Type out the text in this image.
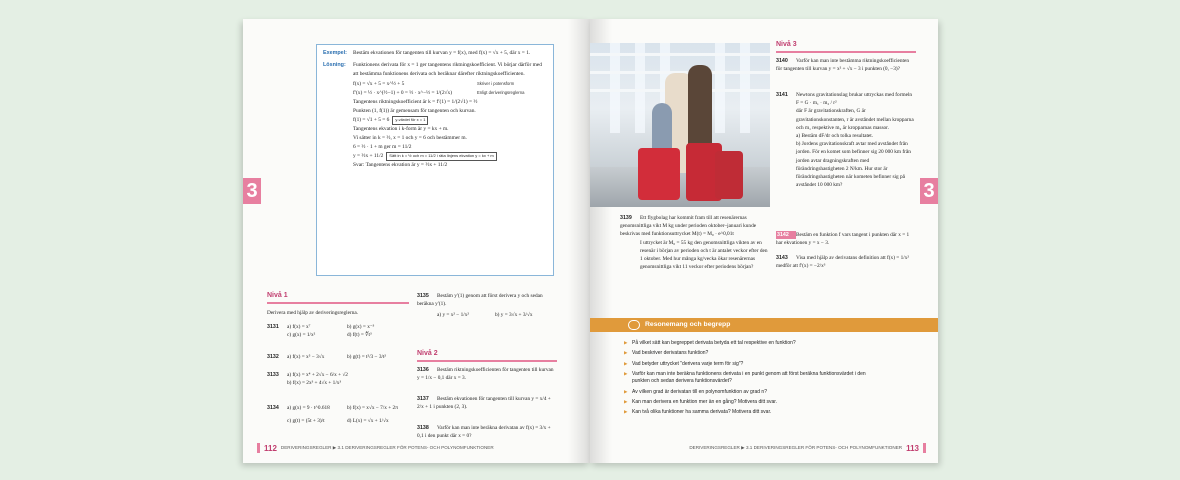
3
Exempel:	Bestäm ekvationen för tangenten till kurvan y = f(x), med f(x) = √x + 5, där x = 1.
Lösning:	Funktionens derivata för x = 1 ger tangentens riktningskoefficient. Vi börjar därför med att bestämma funktionens derivata och beräknar därefter riktningskoefficienten.
f(x) = √x + 5 = x^½ + 5	Skriver i potensform
f′(x) = ½ · x^(½−1) + 0 = ½ · x^−½ = 1/(2√x)	Enligt deriveringsreglerna
Tangentens riktningskoefficient är k = f′(1) = 1/(2√1) = ½
Punkten (1, f(1)) är gemensam för tangenten och kurvan.
f(1) = √1 + 5 = 6 y-värdet för x = 1
Tangentens ekvation i k-form är y = kx + m.
Vi sätter in k = ½, x = 1 och y = 6 och bestämmer m.
6 = ½ · 1 + m ger m = 11/2
y = ½x + 11/2 Sätt in k = ½ och m = 11/2 i räta linjens ekvation y = kx + m
Svar: Tangentens ekvation är y = ½x + 11/2
Nivå 1
Derivera med hjälp av deriveringsreglerna.
3131 a) f(x) = x⁷	b) g(x) = x⁻³
c) g(x) = 1/x²	d) f(t) = ∜t³
3132 a) f(x) = x⁵ − 3√x	b) g(t) = t²/3 − 3/t²
3133 a) f(x) = x⁴ + 2√x − 6/x + √2
b) f(x) = 2x³ + 4√x + 1/x³
3134 a) g(x) = 9 · t^0.618	b) f(x) = x√x − 7/x + 2π
c) g(t) = (5t + 3)/t	d) L(x) = √x + 1/√x
3135 Bestäm y′(1) genom att först derivera y och sedan beräkna y′(1).
a) y = x² − 1/x²	b) y = 3√x + 3/√x
Nivå 2
3136 Bestäm riktningskoefficienten för tangenten till kurvan y = 1/x − 0,1 där x = 3.
3137 Bestäm ekvationen för tangenten till kurvan y = x/4 + 2/x + 1 i punkten (2, 3).
3138 Varför kan man inte beräkna derivatan av f(x) = 3/x + 0,1 i den punkt där x = 0?
112 DERIVERINGSREGLER ▶ 3.1 DERIVERINGSREGLER FÖR POTENS- OCH POLYNOMFUNKTIONER
3
3139 Ett flygbolag har kommit fram till att resenärernas genomsnittliga vikt M kg under perioden oktober–januari kunde beskrivas med funktionsuttrycket M(t) = M₀ · e^0,01t
I uttrycket är M₀ = 55 kg den genomsnittliga vikten av en resenär i början av perioden och t är antalet veckor efter den 1 oktober. Med hur många kg/vecka ökar resenärernas genomsnittliga vikt 11 veckor efter periodens början?
Nivå 3
3140 Varför kan man inte bestämma riktningskoefficienten för tangenten till kurvan y = x² + √x − 3 i punkten (0, −3)?
3141 Newtons gravitationslag brukar uttryckas med formeln
F = G · m₁ · m₂ / r²
där F är gravitationskraften, G är gravitationskonstanten, r är avståndet mellan kropparna och m₁ respektive m₂ är kropparnas massor.
a) Bestäm dF/dr och tolka resultatet.
b) Jordens gravitationskraft avtar med avståndet från jorden. För en komet som befinner sig 20 000 km från jorden avtar dragningskraften med förändringshastigheten 2 N/km. Hur stor är förändringshastigheten när kometen befinner sig på avståndet 10 000 km?
3142 Bestäm en funktion f vars tangent i punkten där x = 1 har ekvationen y = x − 3.
3143 Visa med hjälp av derivatans definition att f(x) = 1/x² medför att f′(x) = −2/x³
Resonemang och begrepp
▶ På vilket sätt kan begreppet derivata betyda ett tal respektive en funktion?
▶ Vad beskriver derivatans funktion?
▶ Vad betyder uttrycket "derivera varje term för sig"?
▶ Varför kan man inte beräkna funktionens derivata i en punkt genom att först beräkna funktionsvärdet i den punkten och sedan derivera funktionsvärdet?
▶ Av vilken grad är derivatan till en polynomfunktion av grad n?
▶ Kan man derivera en funktion mer än en gång? Motivera ditt svar.
▶ Kan två olika funktioner ha samma derivata? Motivera ditt svar.
DERIVERINGSREGLER ▶ 3.1 DERIVERINGSREGLER FÖR POTENS- OCH POLYNOMFUNKTIONER 113
